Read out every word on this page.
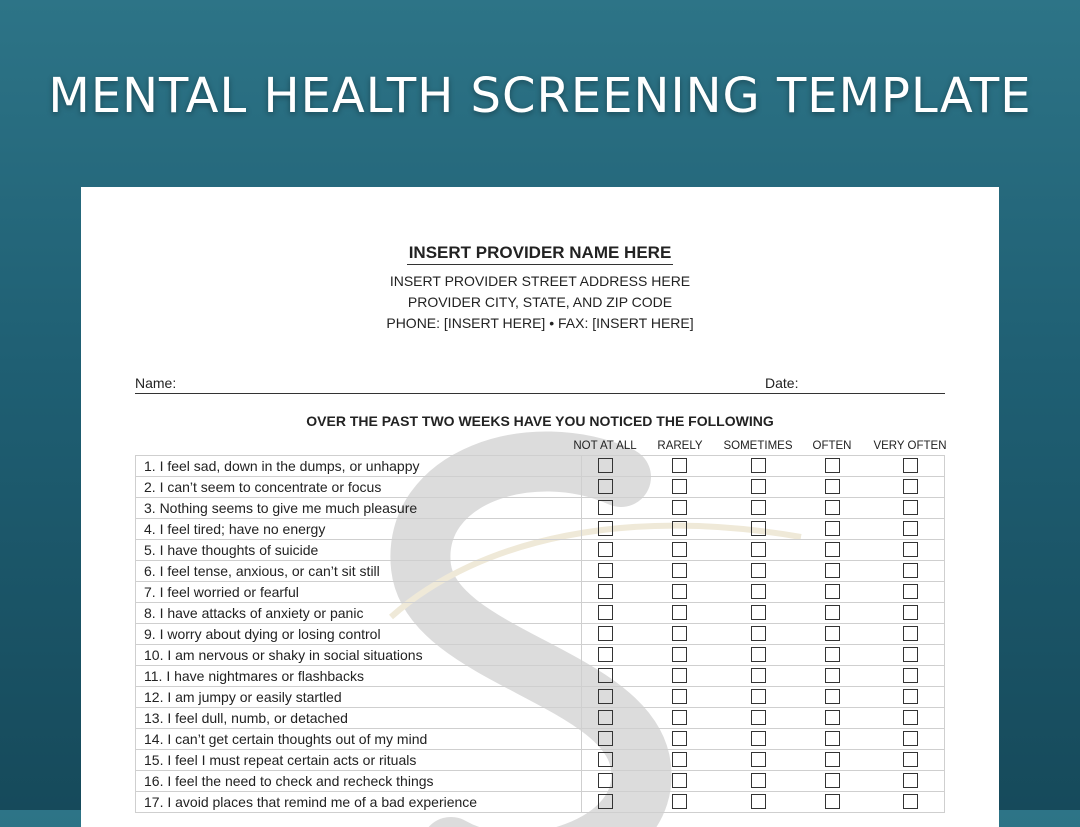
MENTAL HEALTH SCREENING TEMPLATE
INSERT PROVIDER NAME HERE
INSERT PROVIDER STREET ADDRESS HERE
PROVIDER CITY, STATE, AND ZIP CODE
PHONE: [INSERT HERE] • FAX: [INSERT HERE]
Name:	Date:
OVER THE PAST TWO WEEKS HAVE YOU NOTICED THE FOLLOWING
NOT AT ALL	RARELY	SOMETIMES	OFTEN	VERY OFTEN
1. I feel sad, down in the dumps, or unhappy	
2. I can’t seem to concentrate or focus	
3. Nothing seems to give me much pleasure	
4. I feel tired; have no energy	
5. I have thoughts of suicide	
6. I feel tense, anxious, or can’t sit still	
7. I feel worried or fearful	
8. I have attacks of anxiety or panic	
9. I worry about dying or losing control	
10. I am nervous or shaky in social situations	
11. I have nightmares or flashbacks	
12. I am jumpy or easily startled	
13. I feel dull, numb, or detached	
14. I can’t get certain thoughts out of my mind	
15. I feel I must repeat certain acts or rituals	
16. I feel the need to check and recheck things	
17. I avoid places that remind me of a bad experience	
